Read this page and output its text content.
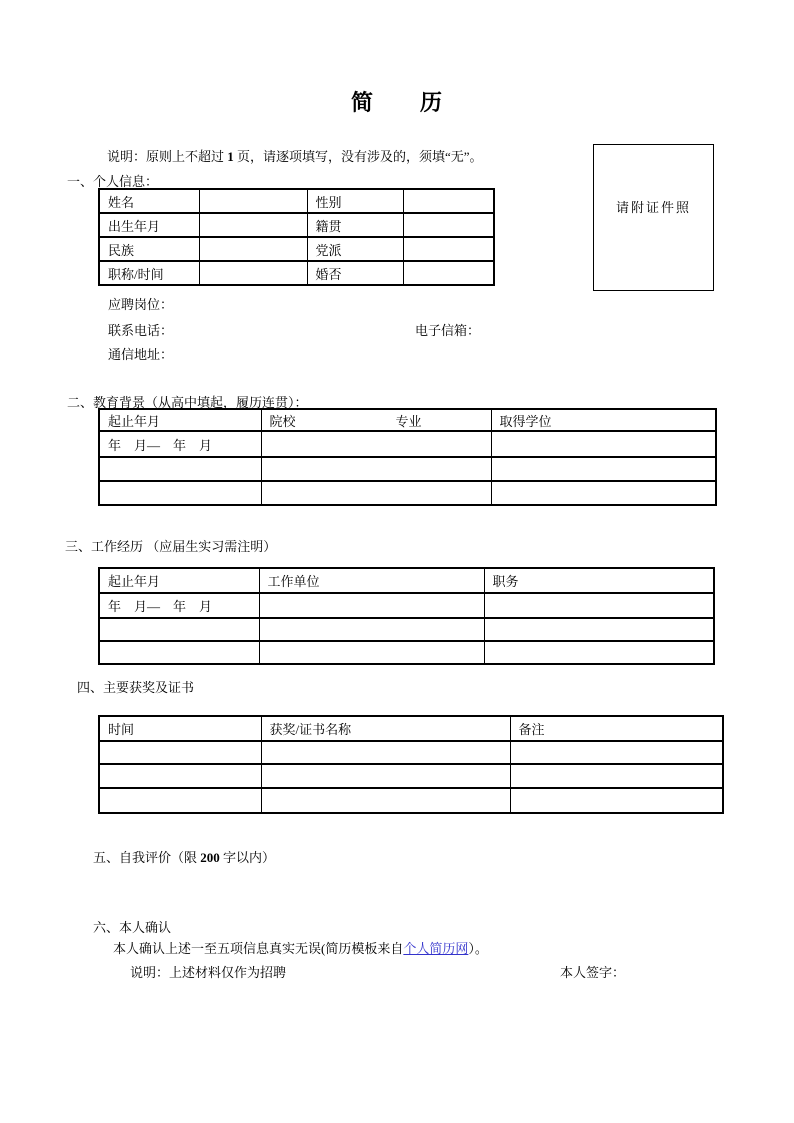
简　　历
说明：原则上不超过 1 页，请逐项填写，没有涉及的，须填“无”。
一、个人信息：
姓名		性别	
出生年月		籍贯	
民族		党派	
职称/时间		婚否	
请附证件照
应聘岗位：
联系电话：	电子信箱：
通信地址：
二、教育背景（从高中填起，履历连贯）：
起止年月	院校 专业	取得学位
年　月—　年　月		

三、工作经历 （应届生实习需注明）
起止年月	工作单位	职务
年　月—　年　月		

四、主要获奖及证书
时间	获奖/证书名称	备注

五、自我评价（限 200 字以内）
六、本人确认
本人确认上述一至五项信息真实无误(简历模板来自个人简历网）。
说明：上述材料仅作为招聘	本人签字：
